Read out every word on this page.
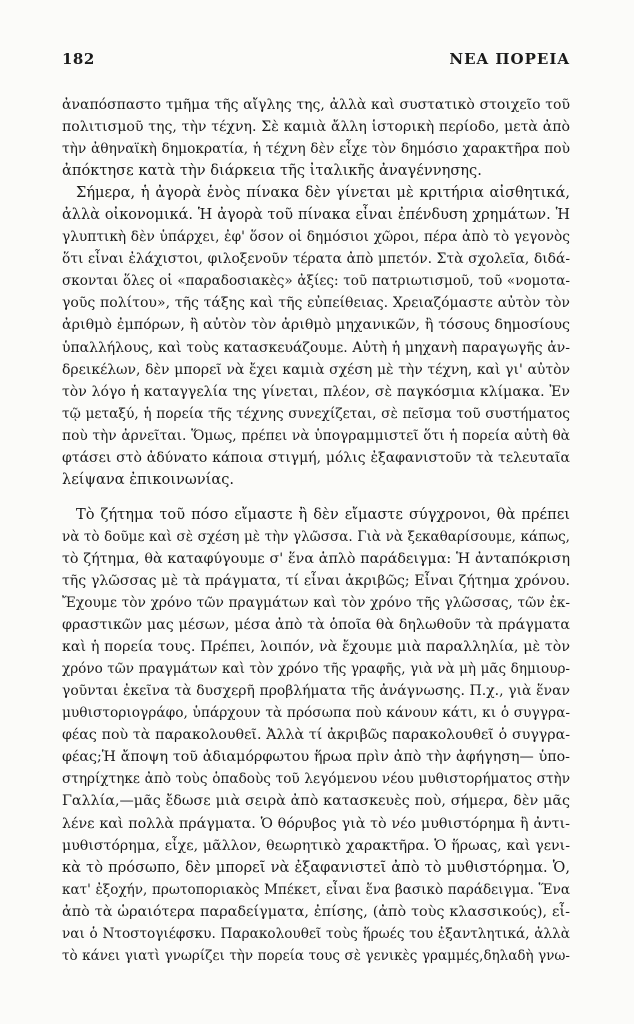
182	ΝΕΑ ΠΟΡΕΙΑ
ἀναπόσπαστο τμῆμα τῆς αἴγλης της, ἀλλὰ καὶ συστατικὸ στοιχεῖο τοῦ
πολιτισμοῦ της, τὴν τέχνη. Σὲ καμιὰ ἄλλη ἱστορικὴ περίοδο, μετὰ ἀπὸ
τὴν ἀθηναϊκὴ δημοκρατία, ἡ τέχνη δὲν εἶχε τὸν δημόσιο χαρακτῆρα ποὺ
ἀπόκτησε κατὰ τὴν διάρκεια τῆς ἰταλικῆς ἀναγέννησης.
Σήμερα, ἡ ἀγορὰ ἑνὸς πίνακα δὲν γίνεται μὲ κριτήρια αἰσθητικά,
ἀλλὰ οἰκονομικά. Ἡ ἀγορὰ τοῦ πίνακα εἶναι ἐπένδυση χρημάτων. Ἡ
γλυπτικὴ δὲν ὑπάρχει, ἐφ' ὅσον οἱ δημόσιοι χῶροι, πέρα ἀπὸ τὸ γεγονὸς
ὅτι εἶναι ἐλάχιστοι, φιλοξενοῦν τέρατα ἀπὸ μπετόν. Στὰ σχολεῖα, διδά-
σκονται ὅλες οἱ «παραδοσιακὲς» ἀξίες: τοῦ πατριωτισμοῦ, τοῦ «νομοτα-
γοῦς πολίτου», τῆς τάξης καὶ τῆς εὐπείθειας. Χρειαζόμαστε αὐτὸν τὸν
ἀριθμὸ ἐμπόρων, ἢ αὐτὸν τὸν ἀριθμὸ μηχανικῶν, ἢ τόσους δημοσίους
ὑπαλλήλους, καὶ τοὺς κατασκευάζουμε. Αὐτὴ ἡ μηχανὴ παραγωγῆς ἀν-
δρεικέλων, δὲν μπορεῖ νὰ ἔχει καμιὰ σχέση μὲ τὴν τέχνη, καὶ γι' αὐτὸν
τὸν λόγο ἡ καταγγελία της γίνεται, πλέον, σὲ παγκόσμια κλίμακα. Ἐν
τῷ μεταξύ, ἡ πορεία τῆς τέχνης συνεχίζεται, σὲ πεῖσμα τοῦ συστήματος
ποὺ τὴν ἀρνεῖται. Ὅμως, πρέπει νὰ ὑπογραμμιστεῖ ὅτι ἡ πορεία αὐτὴ θὰ
φτάσει στὸ ἀδύνατο κάποια στιγμή, μόλις ἐξαφανιστοῦν τὰ τελευταῖα
λείψανα ἐπικοινωνίας.
Τὸ ζήτημα τοῦ πόσο εἴμαστε ἢ δὲν εἴμαστε σύγχρονοι, θὰ πρέπει
νὰ τὸ δοῦμε καὶ σὲ σχέση μὲ τὴν γλῶσσα. Γιὰ νὰ ξεκαθαρίσουμε, κάπως,
τὸ ζήτημα, θὰ καταφύγουμε σ' ἕνα ἁπλὸ παράδειγμα: Ἡ ἀνταπόκριση
τῆς γλῶσσας μὲ τὰ πράγματα, τί εἶναι ἀκριβῶς; Εἶναι ζήτημα χρόνου.
Ἔχουμε τὸν χρόνο τῶν πραγμάτων καὶ τὸν χρόνο τῆς γλῶσσας, τῶν ἐκ-
φραστικῶν μας μέσων, μέσα ἀπὸ τὰ ὁποῖα θὰ δηλωθοῦν τὰ πράγματα
καὶ ἡ πορεία τους. Πρέπει, λοιπόν, νὰ ἔχουμε μιὰ παραλληλία, μὲ τὸν
χρόνο τῶν πραγμάτων καὶ τὸν χρόνο τῆς γραφῆς, γιὰ νὰ μὴ μᾶς δημιουρ-
γοῦνται ἐκεῖνα τὰ δυσχερῆ προβλήματα τῆς ἀνάγνωσης. Π.χ., γιὰ ἕναν
μυθιστοριογράφο, ὑπάρχουν τὰ πρόσωπα ποὺ κάνουν κάτι, κι ὁ συγγρα-
φέας ποὺ τὰ παρακολουθεῖ. Ἀλλὰ τί ἀκριβῶς παρακολουθεῖ ὁ συγγρα-
φέας;Ἡ ἄποψη τοῦ ἀδιαμόρφωτου ἥρωα πρὶν ἀπὸ τὴν ἀφήγηση— ὑπο-
στηρίχτηκε ἀπὸ τοὺς ὁπαδοὺς τοῦ λεγόμενου νέου μυθιστορήματος στὴν
Γαλλία,—μᾶς ἔδωσε μιὰ σειρὰ ἀπὸ κατασκευὲς ποὺ, σήμερα, δὲν μᾶς
λένε καὶ πολλὰ πράγματα. Ὁ θόρυβος γιὰ τὸ νέο μυθιστόρημα ἢ ἀντι-
μυθιστόρημα, εἶχε, μᾶλλον, θεωρητικὸ χαρακτῆρα. Ὁ ἥρωας, καὶ γενι-
κὰ τὸ πρόσωπο, δὲν μπορεῖ νὰ ἐξαφανιστεῖ ἀπὸ τὸ μυθιστόρημα. Ὁ,
κατ' ἐξοχήν, πρωτοποριακὸς Μπέκετ, εἶναι ἕνα βασικὸ παράδειγμα. Ἕνα
ἀπὸ τὰ ὡραιότερα παραδείγματα, ἐπίσης, (ἀπὸ τοὺς κλασσικούς), εἶ-
ναι ὁ Ντοστογιέφσκυ. Παρακολουθεῖ τοὺς ἥρωές του ἐξαντλητικά, ἀλλὰ
τὸ κάνει γιατὶ γνωρίζει τὴν πορεία τους σὲ γενικὲς γραμμές,δηλαδὴ γνω-
